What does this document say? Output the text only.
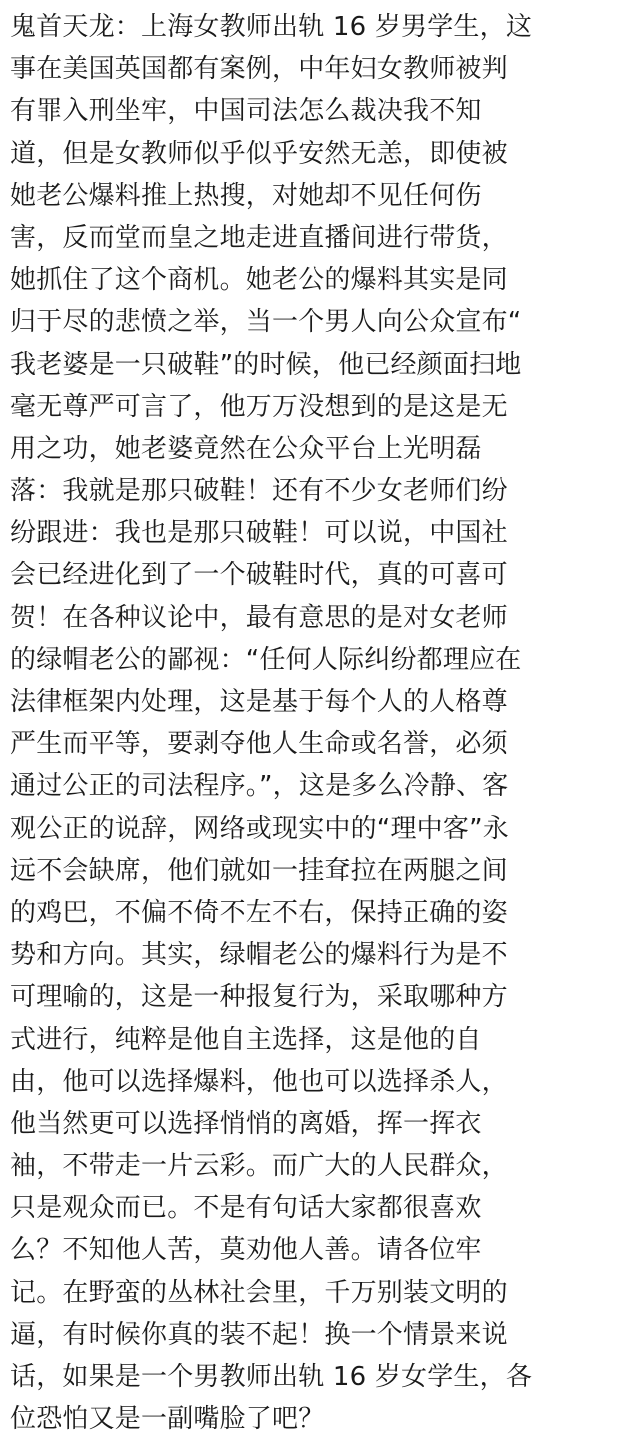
鬼首天龙：上海女教师出轨 16 岁男学生，这
事在美国英国都有案例，中年妇女教师被判
有罪入刑坐牢，中国司法怎么裁决我不知
道，但是女教师似乎似乎安然无恙，即使被
她老公爆料推上热搜，对她却不见任何伤
害，反而堂而皇之地走进直播间进行带货，
她抓住了这个商机。她老公的爆料其实是同
归于尽的悲愤之举，当一个男人向公众宣布“
我老婆是一只破鞋”的时候，他已经颜面扫地
毫无尊严可言了，他万万没想到的是这是无
用之功，她老婆竟然在公众平台上光明磊
落：我就是那只破鞋！还有不少女老师们纷
纷跟进：我也是那只破鞋！可以说，中国社
会已经进化到了一个破鞋时代，真的可喜可
贺！在各种议论中，最有意思的是对女老师
的绿帽老公的鄙视：“任何人际纠纷都理应在
法律框架内处理，这是基于每个人的人格尊
严生而平等，要剥夺他人生命或名誉，必须
通过公正的司法程序。”，这是多么冷静、客
观公正的说辞，网络或现实中的“理中客”永
远不会缺席，他们就如一挂耷拉在两腿之间
的鸡巴，不偏不倚不左不右，保持正确的姿
势和方向。其实，绿帽老公的爆料行为是不
可理喻的，这是一种报复行为，采取哪种方
式进行，纯粹是他自主选择，这是他的自
由，他可以选择爆料，他也可以选择杀人，
他当然更可以选择悄悄的离婚，挥一挥衣
袖，不带走一片云彩。而广大的人民群众，
只是观众而已。不是有句话大家都很喜欢
么？不知他人苦，莫劝他人善。请各位牢
记。在野蛮的丛林社会里，千万别装文明的
逼，有时候你真的装不起！换一个情景来说
话，如果是一个男教师出轨 16 岁女学生，各
位恐怕又是一副嘴脸了吧？
